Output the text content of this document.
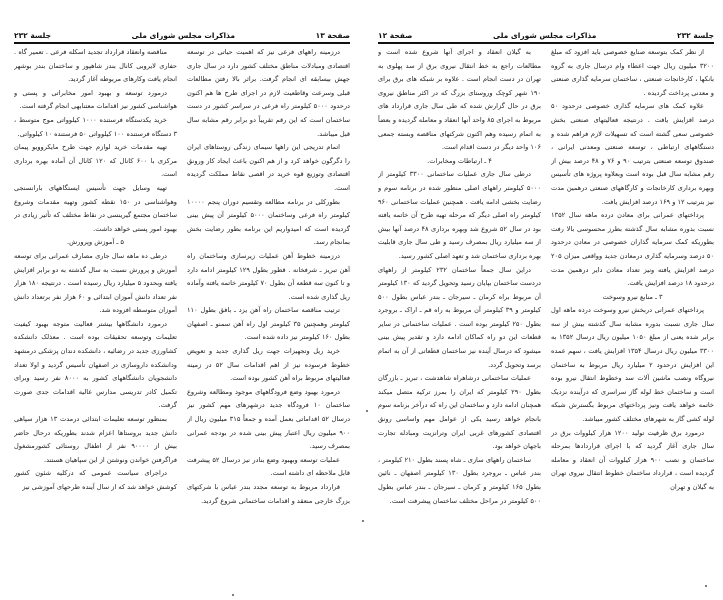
صفحة ۱۳
مذاکرات مجلس شورای ملی
جلسة ۲۳۲

درزمینه راههای فرعی نیز که اهمیت حیاتی در توسعه اقتصادی ومبادلات مناطق مختلف کشور دارد در سال جاری جهش بیسابقه ای انجام گرفت. براثر بالا رفتن مطالعات قبلی وسرعت وقاطعیت لازم در اجرای طرح ها هم اکنون درحدود ۵۰۰۰ کیلومتر راه فرعی در سراسر کشور در دست ساختمان است که این رقم تقریباً دو برابر رقم مشابه سال قبل میباشد.

اتمام تدریجی این راهها سیمای زندگی روستاهای ایران را دگرگون خواهد کرد و از هم اکنون باعث ایجاد کار ورونق اقتصادی وتوزیع قوه خرید در اقصی نقاط مملکت گردیده است.

بطورکلی در برنامه مطالعه وتقسیم دوران پنجم ۱۰۰۰۰ کیلومتر راه فرعی وساختمان ۵۰۰۰ کیلومتر آن پیش بینی گردیده است که امیدواریم این برنامه بطور رضایت بخش بمانجام رسد.

درزمینه خطوط آهن عملیات زیرسازی وساختمان راه آهن تبریز ـ شرفخانه . قطور بطول ۱۲۹ کیلومتر ادامه دارد و تا کنون سه قطعه آن بطول ۷۰ کیلومتر خاتمه یافته وآماده ریل گذاری شده است.

ترتیب مناقصه ساختمان راه آهن یزد ـ بافق بطول ۱۱۰ کیلومتر وهمچنین ۳۵ کیلومتر اول راه آهن سمنو ـ اصفهان بطول ۱۶۰ کیلومتر نیز داده شده است.

خرید ریل وتجهیزات جهت ریل گذاری جدید و تعویض خطوط فرسوده نیز از اهم اقدامات سال ۵۲ در زمینه فعالیتهای مربوط براه آهن کشور بوده است.

درمورد بهبود وضع فرودگاههای موجود ومطالعه وشروع ساختمان ۱۰ فرودگاه جدید درشهرهای مهم کشور نیز درسال ۵۲ اقداماتی بعمل آمده و جمعاً ۳۱۵ میلیون ریال از ۹۰۰ میلیون ریال اعتبار پیش بینی شده در بودجه عمرانی بمصرف رسید.

عملیات توسعه وبهبود وضع بنادر نیز درسال ۵۲ پیشرفت قابل ملاحظه ای داشته است.

قرارداد مربوط به توسعه مجدد بندر عباس با شرکتهای بزرگ خارجی منعقد و اقدامات ساختمانی شروع گردید.

مناقصه وانعقاد قرارداد تجدید اسکله فرعی . تعمیر گاه . حفاری لایروبی کانال بندر شاهپور و ساختمان بندر بوشهر انجام یافت وکارهای مربوطه آغاز گردید.

درمورد توسعه و بهبود امور مخابراتی و پستی و هواشناسی کشور نیز اقدامات معتنابهی انجام گرفته است.

خرید یکدستگاه فرستنده ۱۰۰۰ کیلوواتی موج متوسط ، ۳ دستگاه فرستنده ۱۰۰ کیلوواتی ۵۰ فرستنده ۱۰ کیلوواتی.

تهیه مقدمات خرید لوازم جهت طرح مایکروویو پیمان مرکزی با ۶۰۰ کانال که ۱۲۰ کانال آن آماده بهره برداری است.

تهیه وسایل جهت تأسیس ایستگاههای بارانسنجی وهواشناسی در ۱۵۰ نقطه کشور وتهیه مقدمات وشروع ساختمان مجتمع گیرینسی در نقاط مختلف که تأثیر زیادی در بهبود امور پستی خواهد داشت.

۵ ـ آموزش وپرورش.

درطی ده ماهه سال جاری مصارف عمرانی برای توسعه آموزش و پرورش نسبت به سال گذشته به دو برابر افزایش یافته وبحدود ۵ میلیارد ریال رسیده است . درنتیجه ۱۸۰ هزار نفر تعداد دانش آموزان ابتدائی و ۶۰ هزار نفر برتعداد دانش آموزان متوسطه افزوده شد.

درمورد دانشگاهها بیشتر فعالیت متوجه بهبود کیفیت تعلیمات وتوسعه تحقیقات بوده است . معذلک دانشکده کشاورزی جدید در رضائیه ، دانشکده دندان پزشکی درمشهد ودانشکده داروسازی در اصفهان تأسیس گردید و اولا تعداد دانشجویان دانشگاههای کشور به ۸۰۰۰ نفر رسید وبرای تکمیل کادر تدریسی مدارس عالیه اقدامات جدی صورت گرفت.

بمنظور توسعه تعلیمات ابتدائی درمدت ۱۳ هزار سپاهی دانش جدید بروستاها اعزام شدند بطوریکه درحال حاضر بیش از ۹۰۰۰۰ نفر از اطفال روستائی کشورمشغول فراگرفتن خواندن ونوشتن از این سپاهیان هستند.

دراجرای سیاست عمومی که درکلیه شئون کشور کوشش خواهد شد که از سال آینده طرحهای آموزشی نیز

جلسة ۲۳۲
مذاکرات مجلس شورای ملی
صفحة ۱۲

از نظر کمک بتوسعه صنایع خصوصی باید افزود که مبلغ ۳۲۰۰ میلیون ریال جهت اعطاء وام درسال جاری به گروه بانکها ، کارخانجات صنعتی ، ساختمان سرمایه گذاری صنعتی و معدنی پرداخت گردیده .

علاوه کمک های سرمایه گذاری خصوصی درحدود ۵۰ درصد افزایش یافت . درنتیجه فعالیتهای صنعتی بخش خصوصی سعی گشته است که تسهیلات لازم فراهم شده و دستگاههای ارتباطی ، توسعه صنعتی ومعدنی ایرانی ، صندوق توسعه صنعتی بترتیب ۹۰ و ۷۶ و ۴۸ درصد بیش از رقم مشابه سال قبل بوده است وبعلاوه پروژه های تأسیس وبهره برداری کارخانجات و کارگاههای صنعتی درهمین مدت نیز بترتیب ۱۲ و ۱۶۹ درصد افزایش یافت.

پرداختهای عمرانی برای معادن درده ماهه سال ۱۳۵۲ نسبت بدوره مشابه سال گذشته بطرز محسوسی بالا رفت بطوریکه کمک سرمایه گذاران خصوصی در معادن درحدود ۵۰ درصد وسرمایه گذاری درمعادن جدید وواقعی میزان ۲۰۵ درصد افزایش یافته ونیز تعداد معادن دایر درهمین مدت درحدود ۱۸ درصد افزایش یافت.

۳ ـ منابع نیرو وسوخت

پرداختهای عمرانی دربخش نیرو وسوخت درده ماهه اول سال جاری نسبت بدوره مشابه سال گذشته بیش از سه برابر شده یعنی از مبلغ ۱۰۵۰ میلیون ریال درسال ۱۳۵۲ به ۳۳۰۰ میلیون ریال درسال ۱۳۵۴ افزایش یافت ، سهم عمده این افزایش درحدود ۲ میلیارد ریال مربوط به ساختمان نیروگاه ونصب ماشین آلات سد وخطوط انتقال نیرو بوده است و ساختمان خط لوله گاز سراسری که درآینده نزدیک خاتمه خواهد یافت ونیز پرداختهای مربوط بگسترش شبکه لوله کشی گاز به شهرهای مختلف کشور میباشد.

درمورد برق ظرفیت تولید ۱۲۰۰ هزار کیلووات برق در سال جاری آغاز گردید که با اجرای قراردادها بمرحله ساختمان و نصب ۹۰۰ هزار کیلووات آن انعقاد و معامله گردیده است ، قرارداد ساختمان خطوط انتقال نیروی تهران به گیلان و تهران

به گیلان انعقاد و اجرای آنها شروع شده است و مطالعات راجع به خط انتقال نیروی برق از سد پهلوی به تهران در دست انجام است . علاوه بر شبکه های برق برای ۱۹۰ شهر کوچک وروستای بزرگ که در اکثر مناطق نیروی برق در حال گزارش شده که طی سال جاری قرارداد های مربوط به اجرای ۸۵ واحد آنها انعقاد و معامله گردیده و بعضاً به اتمام رسیده وهم اکنون شرکتهای مناقصه وبسته جمعی ۱۰۶ واحد دیگر در دست اقدام است.

۴ ـ ارتباطات ومخابرات.

درطی سال جاری عملیات ساختمانی ۳۳۰۰ کیلومتر از ۵۰۰۰ کیلومتر راههای اصلی منظور شده در برنامه سوم و رضایت بخشی ادامه یافت . همچنین عملیات ساختمانی ۹۶۰ کیلومتر راه اصلی دیگر که مرحله تهیه طرح آن خاتمه یافته بود در سال ۵۲ شروع شد وبهره برداری ۴۸ درصد آنها بیش از سه میلیارد ریال بمصرف رسید و طی سال جاری قابلیت بهره برداری ساختمان شد و تعهد اصلی کشور رسید.

دراین سال جمعاً ساختمان ۲۳۲ کیلومتر از راههای دردست ساختمان بپایان رسید وتحویل گردید که ۱۳۰ کیلومتر آن مربوط براه کرمان ـ سیرجان ـ بندر عباس بطول ۵۰۰ کیلومتر و ۳۹ کیلومتر آن مربوط به راه قم ـ اراک ـ بروجرد بطول ۲۵۰ کیلومتر بوده است . عملیات ساختمانی در سایر قطعات این دو راه کماکان ادامه دارد و تقدیر پیش بینی میشود که درسال آینده نیز ساختمان قطعاتی از آن به اتمام برسد وتحویل گردد.

عملیات ساختمانی درشاهراه شاهدشت ، تبریز ـ بازرگان بطول ۲۹۰ کیلومتر که ایران را بمرز ترکیه متصل میکند همچنان ادامه دارد و ساختمان این راه که درآخر برنامه سوم بانجام خواهد رسید یکی از عوامل مهم واساسی رونق اقتصادی کشورهای غربی ایران وترانزیت ومبادله تجارت باجهان خواهد بود.

ساختمان راههای سازی ـ شاه پسند بطول ۲۱۰ کیلومتر ، بندر عباس ـ بروجرد بطول ۱۳۰ کیلومتر اصفهان ـ نائین بطول ۱۶۵ کیلومتر و کرمان ـ سیرجان ـ بندر عباس بطول ۵۰۰ کیلومتر در مراحل مختلف ساختمان پیشرفت است.
